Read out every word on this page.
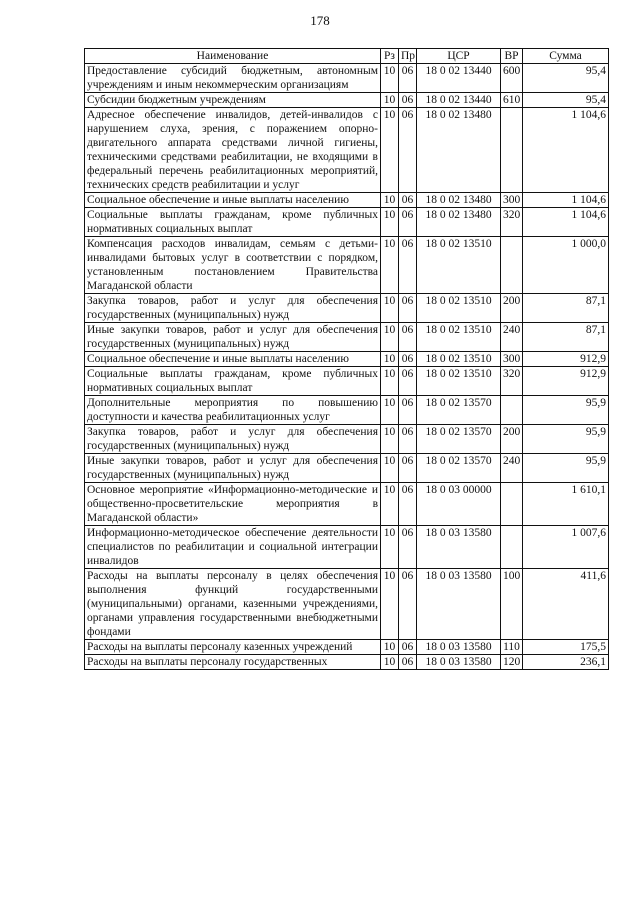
178
Наименование	Рз	Пр	ЦСР	ВР	Сумма
Предоставление субсидий бюджетным, автономным учреждениям и иным некоммерческим организациям	10	06	18 0 02 13440	600	95,4
Субсидии бюджетным учреждениям	10	06	18 0 02 13440	610	95,4
Адресное обеспечение инвалидов, детей-инвалидов с нарушением слуха, зрения, с поражением опорно-двигательного аппарата средствами личной гигиены, техническими средствами реабилитации, не входящими в федеральный перечень реабилитационных мероприятий, технических средств реабилитации и услуг	10	06	18 0 02 13480		1 104,6
Социальное обеспечение и иные выплаты населению	10	06	18 0 02 13480	300	1 104,6
Социальные выплаты гражданам, кроме публичных нормативных социальных выплат	10	06	18 0 02 13480	320	1 104,6
Компенсация расходов инвалидам, семьям с детьми-инвалидами бытовых услуг в соответствии с порядком, установленным постановлением Правительства Магаданской области	10	06	18 0 02 13510		1 000,0
Закупка товаров, работ и услуг для обеспечения государственных (муниципальных) нужд	10	06	18 0 02 13510	200	87,1
Иные закупки товаров, работ и услуг для обеспечения государственных (муниципальных) нужд	10	06	18 0 02 13510	240	87,1
Социальное обеспечение и иные выплаты населению	10	06	18 0 02 13510	300	912,9
Социальные выплаты гражданам, кроме публичных нормативных социальных выплат	10	06	18 0 02 13510	320	912,9
Дополнительные мероприятия по повышению доступности и качества реабилитационных услуг	10	06	18 0 02 13570		95,9
Закупка товаров, работ и услуг для обеспечения государственных (муниципальных) нужд	10	06	18 0 02 13570	200	95,9
Иные закупки товаров, работ и услуг для обеспечения государственных (муниципальных) нужд	10	06	18 0 02 13570	240	95,9
Основное мероприятие «Информационно-методические и общественно-просветительские мероприятия в Магаданской области»	10	06	18 0 03 00000		1 610,1
Информационно-методическое обеспечение деятельности специалистов по реабилитации и социальной интеграции инвалидов	10	06	18 0 03 13580		1 007,6
Расходы на выплаты персоналу в целях обеспечения выполнения функций государственными (муниципальными) органами, казенными учреждениями, органами управления государственными внебюджетными фондами	10	06	18 0 03 13580	100	411,6
Расходы на выплаты персоналу казенных учреждений	10	06	18 0 03 13580	110	175,5
Расходы на выплаты персоналу государственных	10	06	18 0 03 13580	120	236,1
